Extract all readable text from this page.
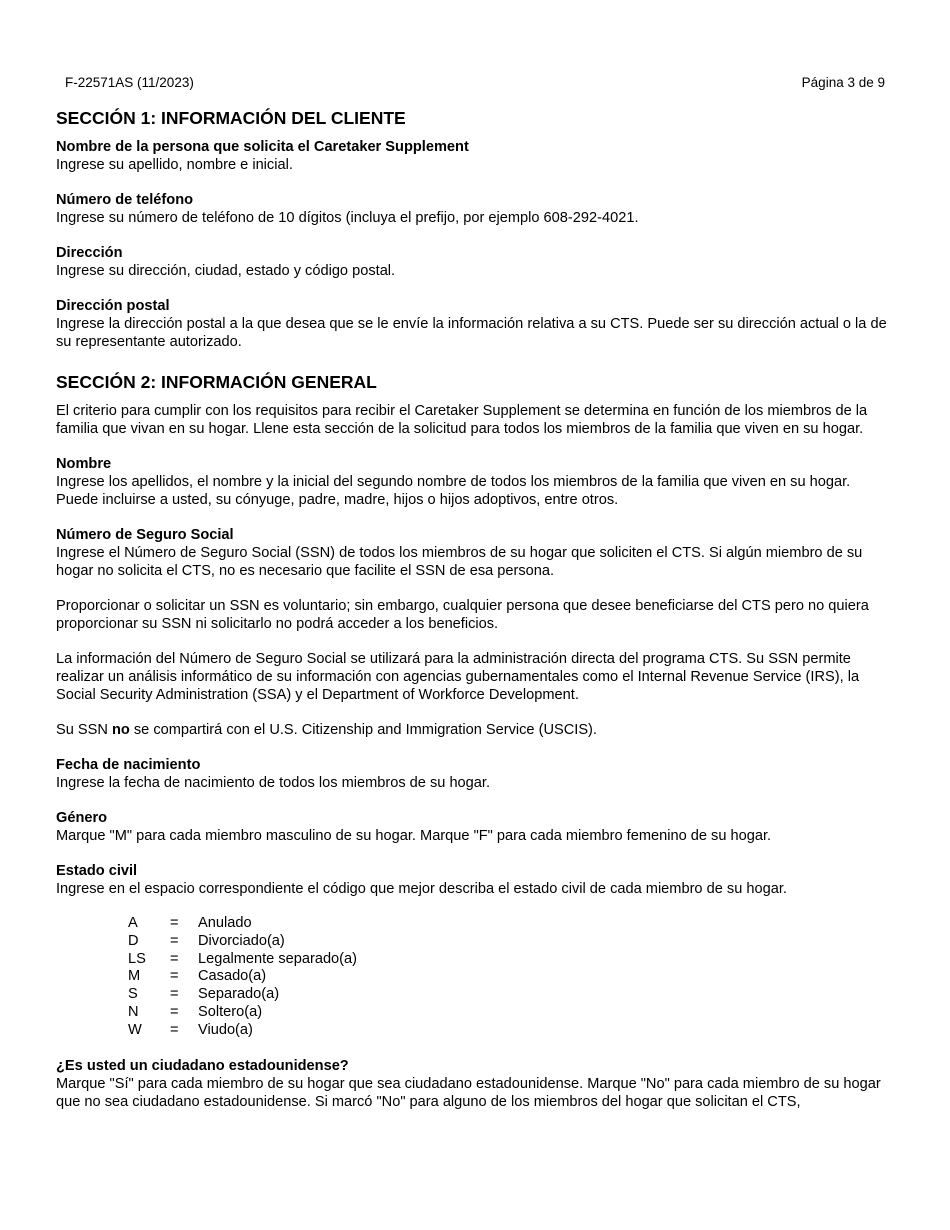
F-22571AS (11/2023)	Página 3 de 9
SECCIÓN 1: INFORMACIÓN DEL CLIENTE
Nombre de la persona que solicita el Caretaker Supplement
Ingrese su apellido, nombre e inicial.
Número de teléfono
Ingrese su número de teléfono de 10 dígitos (incluya el prefijo, por ejemplo 608-292-4021.
Dirección
Ingrese su dirección, ciudad, estado y código postal.
Dirección postal
Ingrese la dirección postal a la que desea que se le envíe la información relativa a su CTS. Puede ser su dirección actual o la de su representante autorizado.
SECCIÓN 2: INFORMACIÓN GENERAL

El criterio para cumplir con los requisitos para recibir el Caretaker Supplement se determina en función de los miembros de la familia que vivan en su hogar. Llene esta sección de la solicitud para todos los miembros de la familia que viven en su hogar.

Nombre
Ingrese los apellidos, el nombre y la inicial del segundo nombre de todos los miembros de la familia que viven en su hogar. Puede incluirse a usted, su cónyuge, padre, madre, hijos o hijos adoptivos, entre otros.
Número de Seguro Social
Ingrese el Número de Seguro Social (SSN) de todos los miembros de su hogar que soliciten el CTS. Si algún miembro de su hogar no solicita el CTS, no es necesario que facilite el SSN de esa persona.

Proporcionar o solicitar un SSN es voluntario; sin embargo, cualquier persona que desee beneficiarse del CTS pero no quiera proporcionar su SSN ni solicitarlo no podrá acceder a los beneficios.

La información del Número de Seguro Social se utilizará para la administración directa del programa CTS. Su SSN permite realizar un análisis informático de su información con agencias gubernamentales como el Internal Revenue Service (IRS), la Social Security Administration (SSA) y el Department of Workforce Development.

Su SSN no se compartirá con el U.S. Citizenship and Immigration Service (USCIS).

Fecha de nacimiento
Ingrese la fecha de nacimiento de todos los miembros de su hogar.
Género
Marque "M" para cada miembro masculino de su hogar. Marque "F" para cada miembro femenino de su hogar.
Estado civil
Ingrese en el espacio correspondiente el código que mejor describa el estado civil de cada miembro de su hogar.
A	=	Anulado
D	=	Divorciado(a)
LS	=	Legalmente separado(a)
M	=	Casado(a)
S	=	Separado(a)
N	=	Soltero(a)
W	=	Viudo(a)
¿Es usted un ciudadano estadounidense?
Marque "Sí" para cada miembro de su hogar que sea ciudadano estadounidense. Marque "No" para cada miembro de su hogar que no sea ciudadano estadounidense. Si marcó "No" para alguno de los miembros del hogar que solicitan el CTS,
